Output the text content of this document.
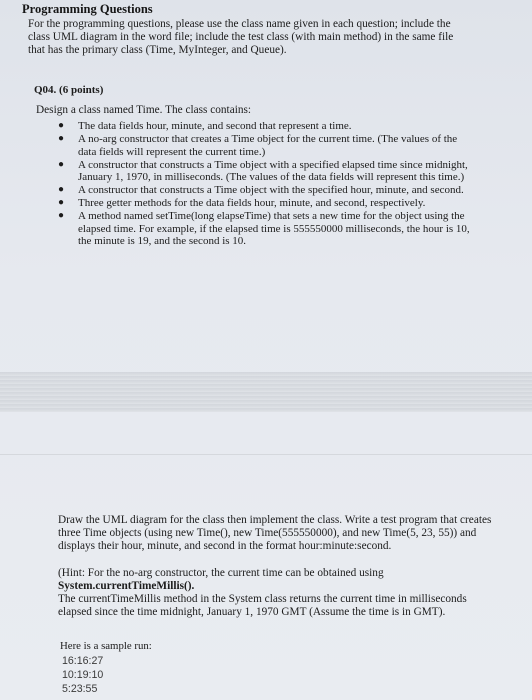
Programming Questions
For the programming questions, please use the class name given in each question; include the
class UML diagram in the word file; include the test class (with main method) in the same file
that has the primary class (Time, MyInteger, and Queue).
Q04. (6 points)
Design a class named Time. The class contains:
● The data fields hour, minute, and second that represent a time.
● A no-arg constructor that creates a Time object for the current time. (The values of the
data fields will represent the current time.)
● A constructor that constructs a Time object with a specified elapsed time since midnight,
January 1, 1970, in milliseconds. (The values of the data fields will represent this time.)
● A constructor that constructs a Time object with the specified hour, minute, and second.
● Three getter methods for the data fields hour, minute, and second, respectively.
● A method named setTime(long elapseTime) that sets a new time for the object using the
elapsed time. For example, if the elapsed time is 555550000 milliseconds, the hour is 10,
the minute is 19, and the second is 10.
Draw the UML diagram for the class then implement the class. Write a test program that creates
three Time objects (using new Time(), new Time(555550000), and new Time(5, 23, 55)) and
displays their hour, minute, and second in the format hour:minute:second.
(Hint: For the no-arg constructor, the current time can be obtained using
System.currentTimeMillis().
The currentTimeMillis method in the System class returns the current time in milliseconds
elapsed since the time midnight, January 1, 1970 GMT (Assume the time is in GMT).
Here is a sample run:
16:16:27
10:19:10
5:23:55
